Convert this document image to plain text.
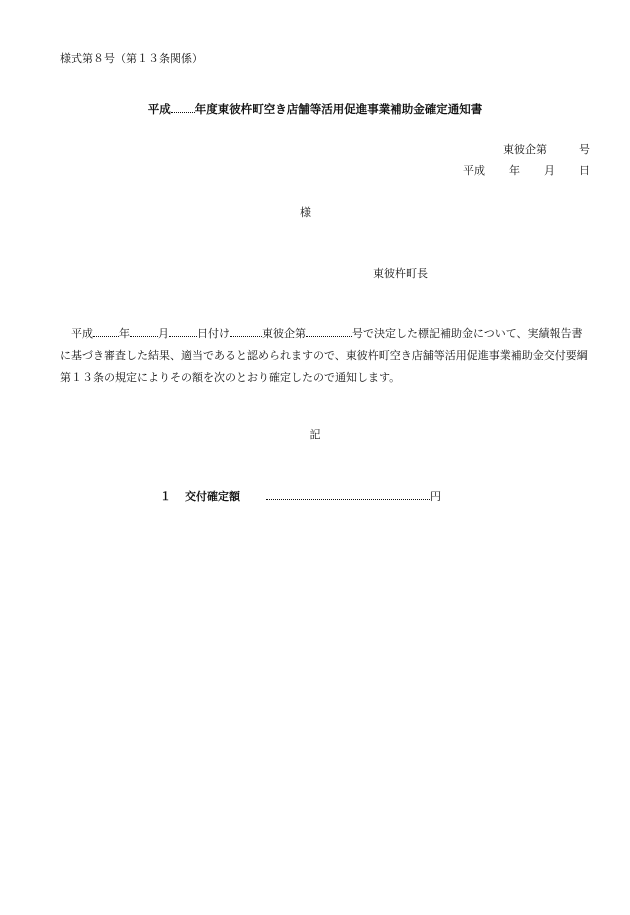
様式第８号（第１３条関係）
平成 年度東彼杵町空き店舗等活用促進事業補助金確定通知書
東彼企第	号
平成 年 月 日
様
東彼杵町長
平成 年	月	日付け	東彼企第	号で決定した標記補助金について、実績報告書に基づき審査した結果、適当であると認められますので、東彼杵町空き店舗等活用促進事業補助金交付要綱第１３条の規定によりその額を次のとおり確定したので通知します。
記
１ 交付確定額	円
